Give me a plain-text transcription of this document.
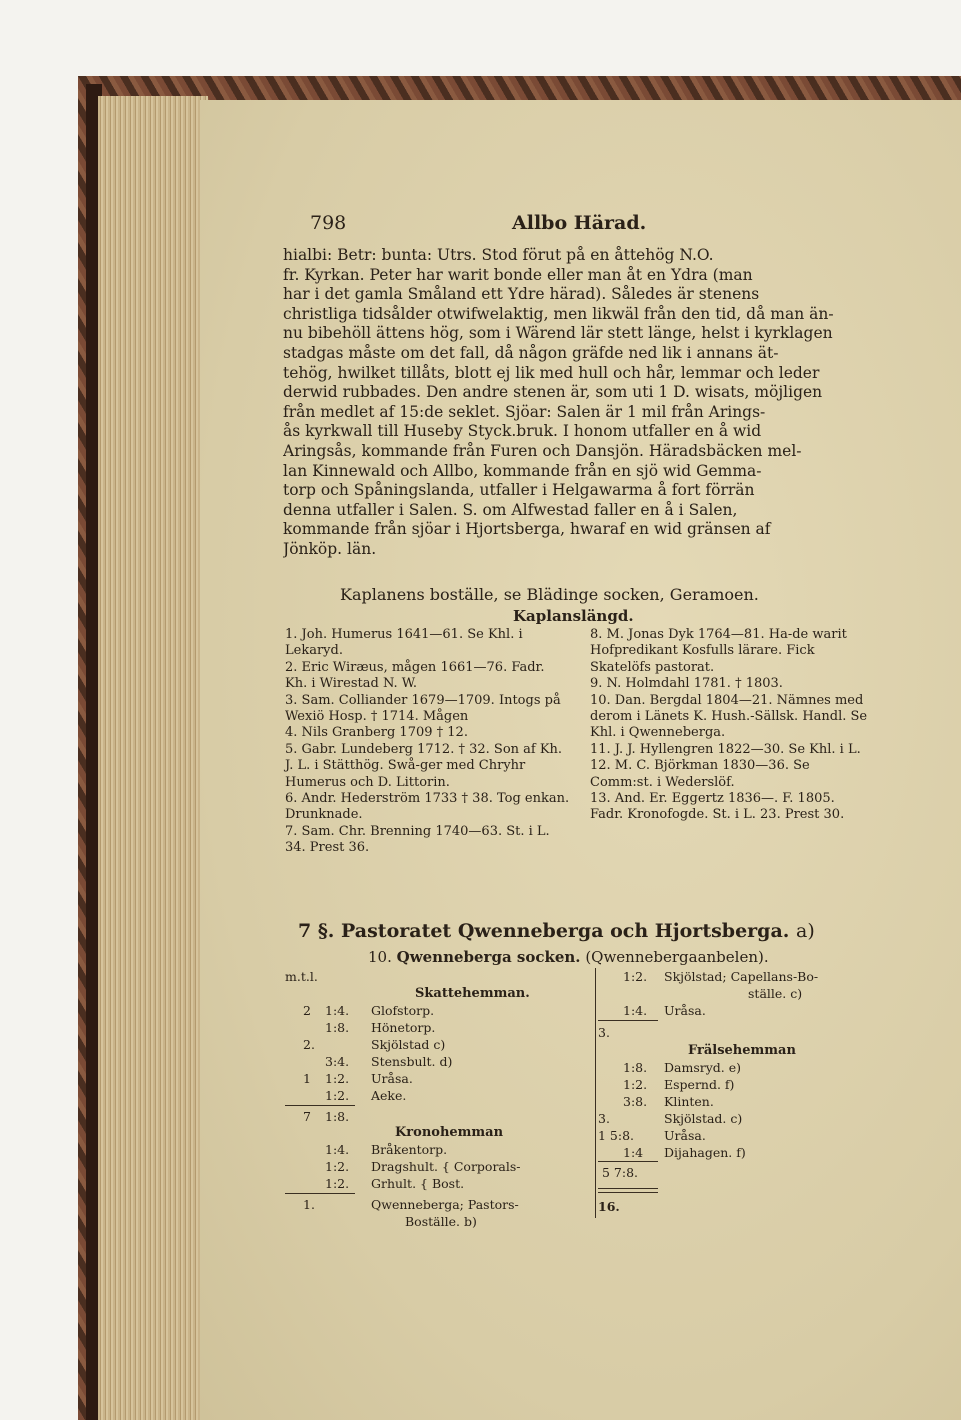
798	Allbo Härad.
hialbi: Betr: bunta: Utrs. Stod förut på en åttehög N.O.
fr. Kyrkan. Peter har warit bonde eller man åt en Ydra (man
har i det gamla Småland ett Ydre härad). Således är stenens
christliga tidsålder otwifwelaktig, men likwäl från den tid, då man än-
nu bibehöll ättens hög, som i Wärend lär stett länge, helst i kyrklagen
stadgas måste om det fall, då någon gräfde ned lik i annans ät-
tehög, hwilket tillåts, blott ej lik med hull och hår, lemmar och leder
derwid rubbades. Den andre stenen är, som uti 1 D. wisats, möjligen
från medlet af 15:de seklet. Sjöar: Salen är 1 mil från Arings-
ås kyrkwall till Huseby Styck.bruk. I honom utfaller en å wid
Aringsås, kommande från Furen och Dansjön. Häradsbäcken mel-
lan Kinnewald och Allbo, kommande från en sjö wid Gemma-
torp och Spåningslanda, utfaller i Helgawarma å fort förrän
denna utfaller i Salen. S. om Alfwestad faller en å i Salen,
kommande från sjöar i Hjortsberga, hwaraf en wid gränsen af
Jönköp. län.
Kaplanens boställe, se Blädinge socken, Geramoen.
Kaplanslängd.
1. Joh. Humerus 1641—61. Se Khl. i Lekaryd.
2. Eric Wiræus, mågen 1661—76. Fadr. Kh. i Wirestad N. W.
3. Sam. Colliander 1679—1709. Intogs på Wexiö Hosp. † 1714. Mågen
4. Nils Granberg 1709 † 12.
5. Gabr. Lundeberg 1712. † 32. Son af Kh. J. L. i Stätthög. Swå-ger med Chryhr Humerus och D. Littorin.
6. Andr. Hederström 1733 † 38. Tog enkan. Drunknade.
7. Sam. Chr. Brenning 1740—63. St. i L. 34. Prest 36.
8. M. Jonas Dyk 1764—81. Ha-de warit Hofpredikant Kosfulls lärare. Fick Skatelöfs pastorat.
9. N. Holmdahl 1781. † 1803.
10. Dan. Bergdal 1804—21. Nämnes med derom i Länets K. Hush.-Sällsk. Handl. Se Khl. i Qwenneberga.
11. J. J. Hyllengren 1822—30. Se Khl. i L.
12. M. C. Björkman 1830—36. Se Comm:st. i Wederslöf.
13. And. Er. Eggertz 1836—. F. 1805. Fadr. Kronofogde. St. i L. 23. Prest 30.
7 §. Pastoratet Qwenneberga och Hjortsberga. a)
10. Qwenneberga socken. (Qwennebergaanbelen).
m.t.l.
Skattehemman.
2 1:4. Glofstorp.
1:8. Hönetorp.
2.	Skjölstad c)
3:4. Stensbult. d)
1 1:2. Uråsa.
1:2. Aeke.
7 1:8.
Kronohemman
1:4. Bråkentorp.
1:2. Dragshult. { Corporals-
1:2. Grhult. { Bost.
1.	Qwenneberga; Pastors-
Boställe. b)
1:2. Skjölstad; Capellans-Bo-
ställe. c)
1:4. Uråsa.
3.
Frälsehemman
1:8. Damsryd. e)
1:2. Espernd. f)
3:8. Klinten.
3.	Skjölstad. c)
1 5:8. Uråsa.
1:4 Dijahagen. f)
5 7:8.
16.
